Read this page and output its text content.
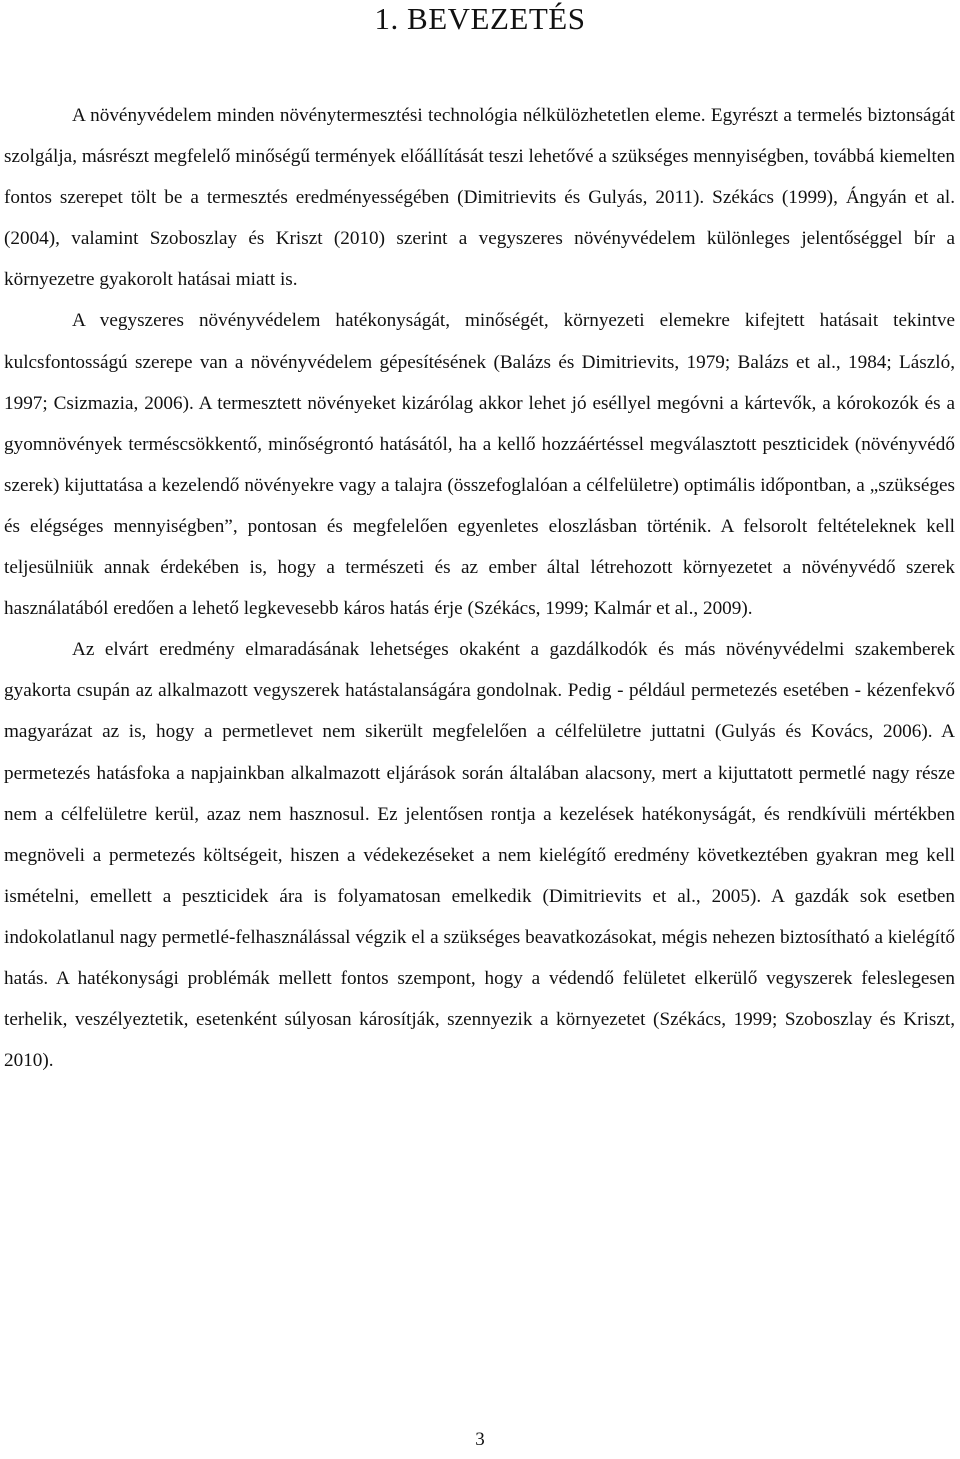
1. BEVEZETÉS

A növényvédelem minden növénytermesztési technológia nélkülözhetetlen eleme. Egyrészt a termelés biztonságát szolgálja, másrészt megfelelő minőségű termények előállítását teszi lehetővé a szükséges mennyiségben, továbbá kiemelten fontos szerepet tölt be a termesztés eredményességében (Dimitrievits és Gulyás, 2011). Székács (1999), Ángyán et al. (2004), valamint Szoboszlay és Kriszt (2010) szerint a vegyszeres növényvédelem különleges jelentőséggel bír a környezetre gyakorolt hatásai miatt is.

A vegyszeres növényvédelem hatékonyságát, minőségét, környezeti elemekre kifejtett hatásait tekintve kulcsfontosságú szerepe van a növényvédelem gépesítésének (Balázs és Dimitrievits, 1979; Balázs et al., 1984; László, 1997; Csizmazia, 2006). A termesztett növényeket kizárólag akkor lehet jó eséllyel megóvni a kártevők, a kórokozók és a gyomnövények terméscsökkentő, minőségrontó hatásától, ha a kellő hozzáértéssel megválasztott peszticidek (növényvédő szerek) kijuttatása a kezelendő növényekre vagy a talajra (összefoglalóan a célfelületre) optimális időpontban, a „szükséges és elégséges mennyiségben”, pontosan és megfelelően egyenletes eloszlásban történik. A felsorolt feltételeknek kell teljesülniük annak érdekében is, hogy a természeti és az ember által létrehozott környezetet a növényvédő szerek használatából eredően a lehető legkevesebb káros hatás érje (Székács, 1999; Kalmár et al., 2009).

Az elvárt eredmény elmaradásának lehetséges okaként a gazdálkodók és más növényvédelmi szakemberek gyakorta csupán az alkalmazott vegyszerek hatástalanságára gondolnak. Pedig - például permetezés esetében - kézenfekvő magyarázat az is, hogy a permetlevet nem sikerült megfelelően a célfelületre juttatni (Gulyás és Kovács, 2006). A permetezés hatásfoka a napjainkban alkalmazott eljárások során általában alacsony, mert a kijuttatott permetlé nagy része nem a célfelületre kerül, azaz nem hasznosul. Ez jelentősen rontja a kezelések hatékonyságát, és rendkívüli mértékben megnöveli a permetezés költségeit, hiszen a védekezéseket a nem kielégítő eredmény következtében gyakran meg kell ismételni, emellett a peszticidek ára is folyamatosan emelkedik (Dimitrievits et al., 2005). A gazdák sok esetben indokolatlanul nagy permetlé-felhasználással végzik el a szükséges beavatkozásokat, mégis nehezen biztosítható a kielégítő hatás. A hatékonysági problémák mellett fontos szempont, hogy a védendő felületet elkerülő vegyszerek feleslegesen terhelik, veszélyeztetik, esetenként súlyosan károsítják, szennyezik a környezetet (Székács, 1999; Szoboszlay és Kriszt, 2010).

3
